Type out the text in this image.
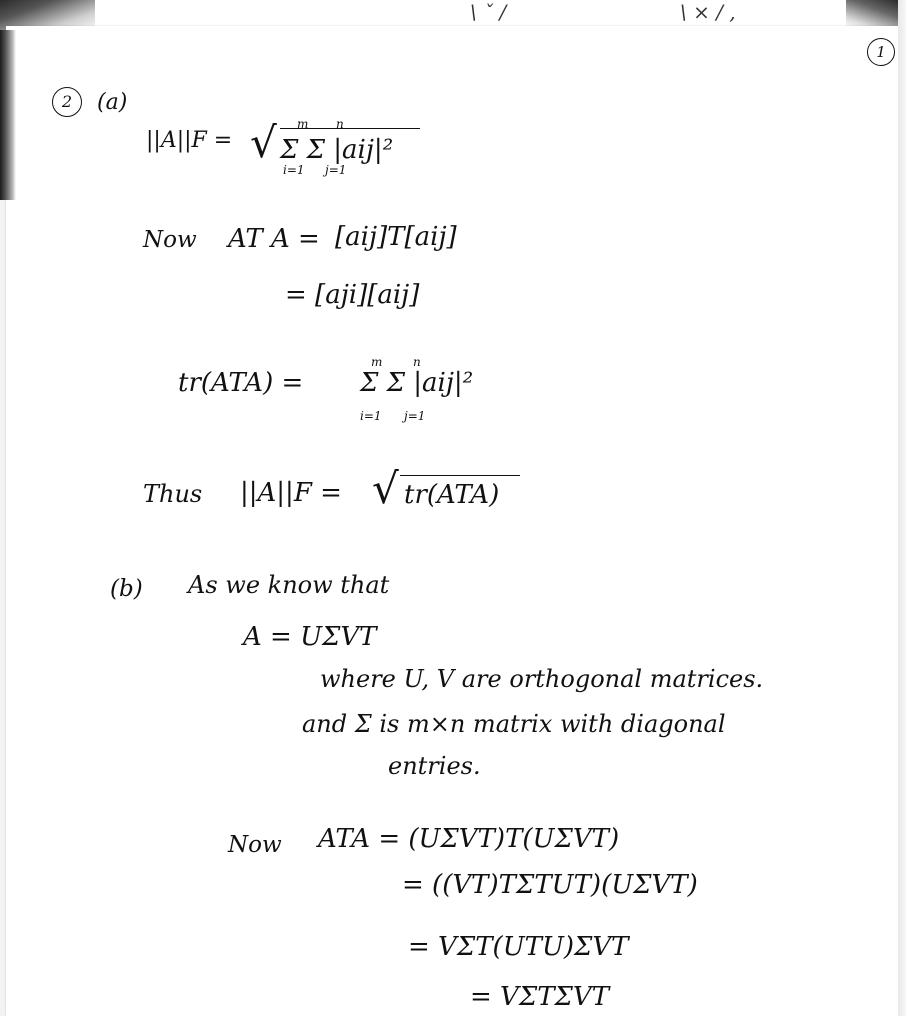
\ ˇ /	\ × / ,
1
2	(a)
||A||F = √ Σ Σ |aij|²
m
i=1
n
j=1
Now AT A = [aij]T[aij]
= [aji][aij]
tr(ATA) = Σ Σ |aij|²
m
i=1
n
j=1
Thus ||A||F = √ tr(ATA)
(b) As we know that
A = UΣVT
where U, V are orthogonal matrices.
and Σ is m×n matrix with diagonal
entries.
Now ATA = (UΣVT)T(UΣVT)
= ((VT)TΣTUT)(UΣVT)
= VΣT(UTU)ΣVT
= VΣTΣVT
